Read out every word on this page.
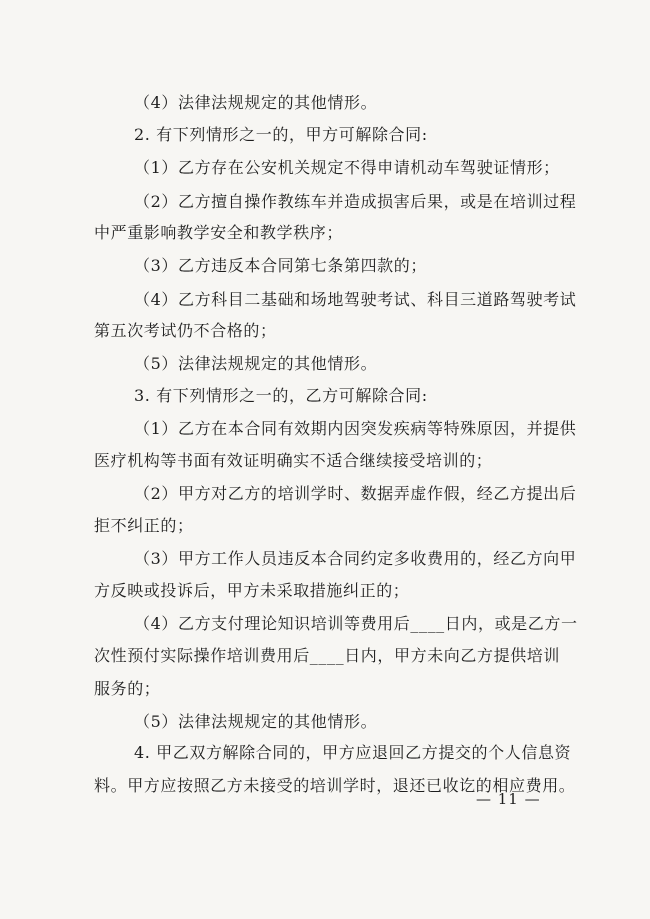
（4）法律法规规定的其他情形。
2. 有下列情形之一的，甲方可解除合同:
（1）乙方存在公安机关规定不得申请机动车驾驶证情形；
（2）乙方擅自操作教练车并造成损害后果，或是在培训过程
中严重影响教学安全和教学秩序；
（3）乙方违反本合同第七条第四款的；
（4）乙方科目二基础和场地驾驶考试、科目三道路驾驶考试
第五次考试仍不合格的；
（5）法律法规规定的其他情形。
3. 有下列情形之一的，乙方可解除合同:
（1）乙方在本合同有效期内因突发疾病等特殊原因，并提供
医疗机构等书面有效证明确实不适合继续接受培训的；
（2）甲方对乙方的培训学时、数据弄虚作假，经乙方提出后
拒不纠正的；
（3）甲方工作人员违反本合同约定多收费用的，经乙方向甲
方反映或投诉后，甲方未采取措施纠正的；
（4）乙方支付理论知识培训等费用后____日内，或是乙方一
次性预付实际操作培训费用后____日内，甲方未向乙方提供培训
服务的；
（5）法律法规规定的其他情形。
4. 甲乙双方解除合同的，甲方应退回乙方提交的个人信息资
料。甲方应按照乙方未接受的培训学时，退还已收讫的相应费用。
— 11 —
